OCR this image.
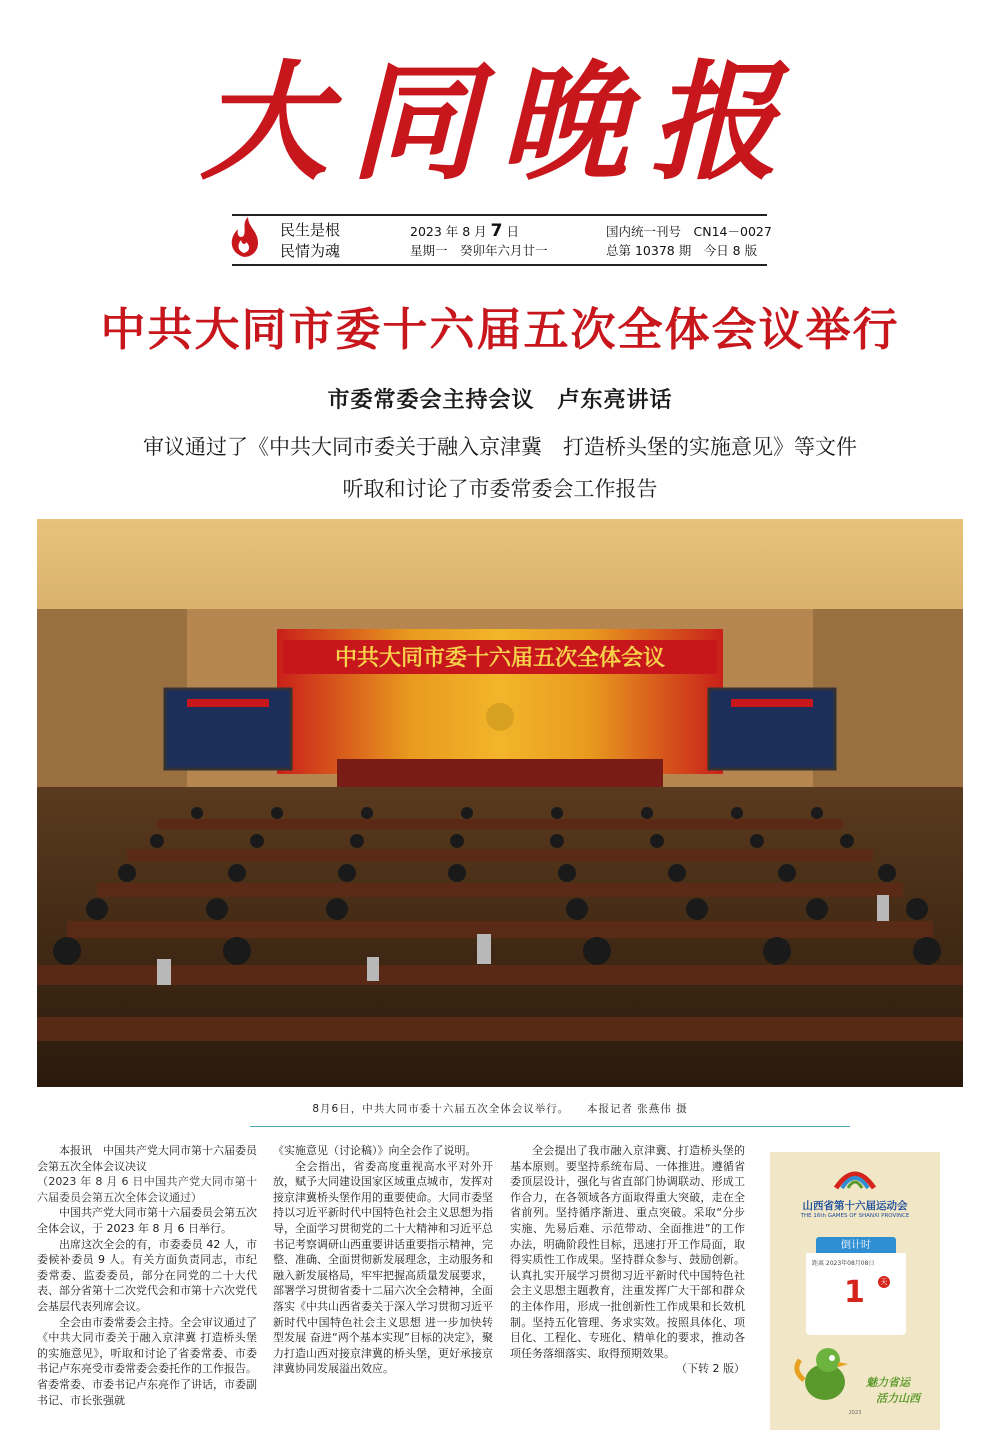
大同晚报
民生是根
民情为魂
2023 年 8 月 7 日
星期一　癸卯年六月廿一
国内统一刊号　CN14－0027
总第 10378 期　今日 8 版
中共大同市委十六届五次全体会议举行
市委常委会主持会议　卢东亮讲话
审议通过了《中共大同市委关于融入京津冀　打造桥头堡的实施意见》等文件
听取和讨论了市委常委会工作报告
中共大同市委十六届五次全体会议
8月6日，中共大同市委十六届五次全体会议举行。　　本报记者 张燕伟 摄

本报讯　中国共产党大同市第十六届委员会第五次全体会议决议

（2023 年 8 月 6 日中国共产党大同市第十六届委员会第五次全体会议通过）

中国共产党大同市第十六届委员会第五次全体会议，于 2023 年 8 月 6 日举行。

出席这次全会的有，市委委员 42 人，市委候补委员 9 人。有关方面负责同志，市纪委常委、监委委员，部分在同党的二十大代表、部分省第十二次党代会和市第十六次党代会基层代表列席会议。

全会由市委常委会主持。全会审议通过了《中共大同市委关于融入京津冀 打造桥头堡的实施意见》，听取和讨论了省委常委、市委书记卢东亮受市委常委会委托作的工作报告。省委常委、市委书记卢东亮作了讲话，市委副书记、市长张强就

《实施意见（讨论稿）》向全会作了说明。

全会指出，省委高度重视高水平对外开放，赋予大同建设国家区域重点城市，发挥对接京津冀桥头堡作用的重要使命。大同市委坚持以习近平新时代中国特色社会主义思想为指导，全面学习贯彻党的二十大精神和习近平总书记考察调研山西重要讲话重要指示精神，完整、准确、全面贯彻新发展理念，主动服务和融入新发展格局，牢牢把握高质量发展要求，部署学习贯彻省委十二届六次全会精神，全面落实《中共山西省委关于深入学习贯彻习近平新时代中国特色社会主义思想 进一步加快转型发展 奋进“两个基本实现”目标的决定》，聚力打造山西对接京津冀的桥头堡，更好承接京津冀协同发展溢出效应。

全会提出了我市融入京津冀、打造桥头堡的基本原则。要坚持系统布局、一体推进。遵循省委顶层设计，强化与省直部门协调联动、形成工作合力，在各领域各方面取得重大突破，走在全省前列。坚持循序渐进、重点突破。采取“分步实施、先易后难、示范带动、全面推进”的工作办法，明确阶段性目标，迅速打开工作局面，取得实质性工作成果。坚持群众参与、鼓励创新。认真扎实开展学习贯彻习近平新时代中国特色社会主义思想主题教育，注重发挥广大干部和群众的主体作用，形成一批创新性工作成果和长效机制。坚持五化管理、务求实效。按照具体化、项目化、工程化、专班化、精单化的要求，推动各项任务落细落实、取得预期效果。

（下转 2 版）

山西省第十六届运动会
THE 16th GAMES OF SHANXI PROVINCE
倒计时
距离 2023年08月08日
1	天
魅力省运
活力山西
2023
